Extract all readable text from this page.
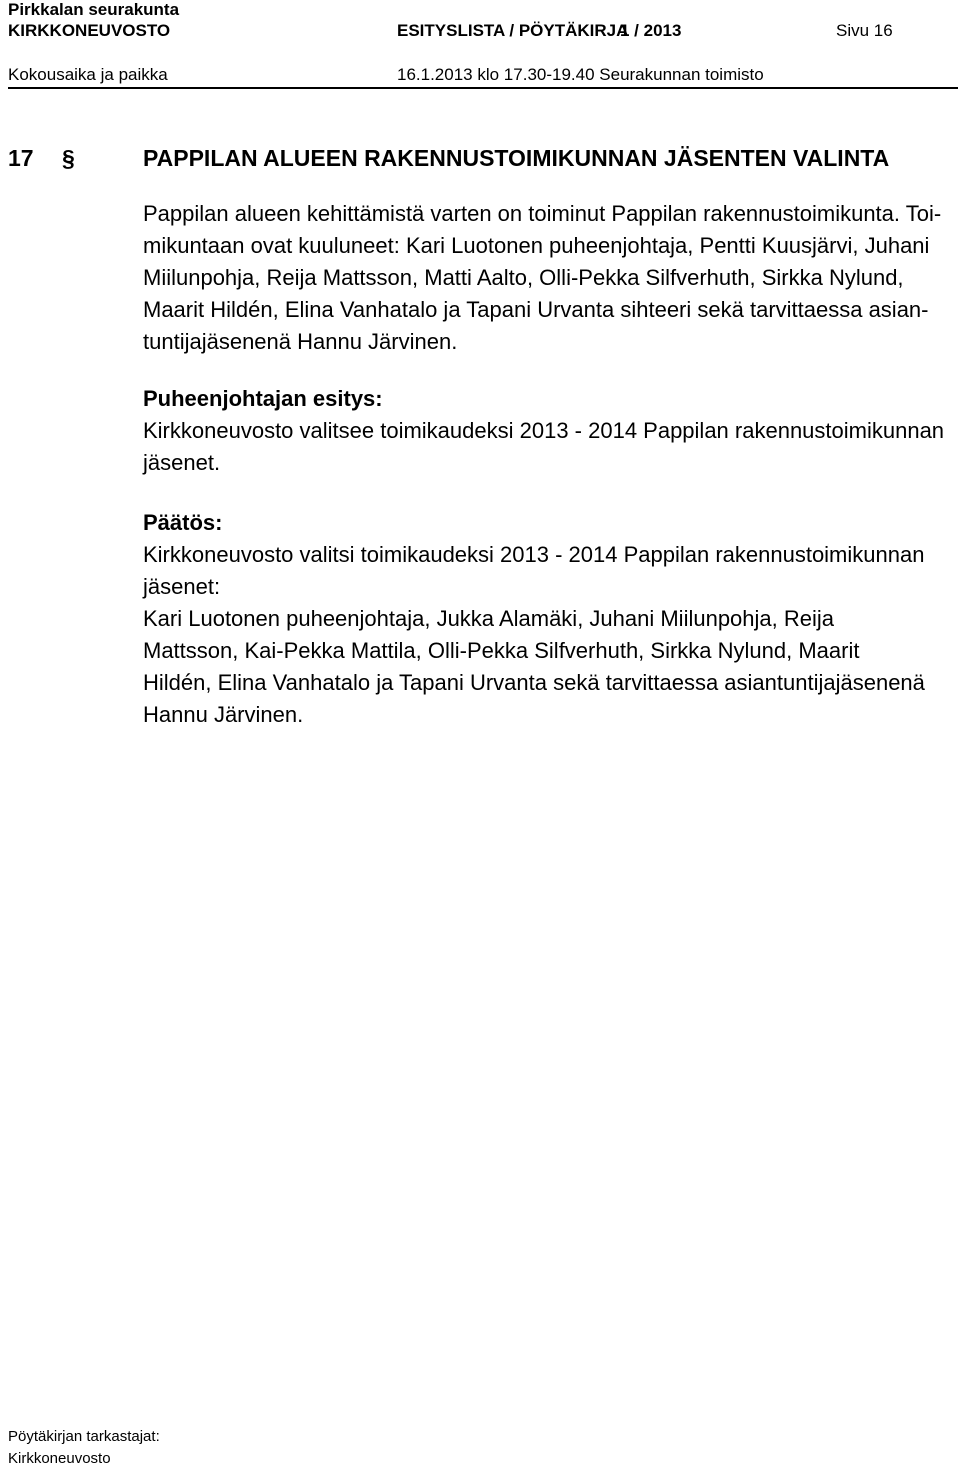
Pirkkalan seurakunta
KIRKKONEUVOSTO	ESITYSLISTA / PÖYTÄKIRJA
1 / 2013	Sivu 16
Kokousaika ja paikka	16.1.2013 klo 17.30-19.40 Seurakunnan toimisto
17 §	PAPPILAN ALUEEN RAKENNUSTOIMIKUNNAN JÄSENTEN VALINTA
Pappilan alueen kehittämistä varten on toiminut Pappilan rakennustoimikunta. Toi-
mikuntaan ovat kuuluneet: Kari Luotonen puheenjohtaja, Pentti Kuusjärvi, Juhani
Miilunpohja, Reija Mattsson, Matti Aalto, Olli-Pekka Silfverhuth, Sirkka Nylund,
Maarit Hildén, Elina Vanhatalo ja Tapani Urvanta sihteeri sekä tarvittaessa asian-
tuntijajäsenenä Hannu Järvinen.
Puheenjohtajan esitys:
Kirkkoneuvosto valitsee toimikaudeksi 2013 - 2014 Pappilan rakennustoimikunnan
jäsenet.
Päätös:
Kirkkoneuvosto valitsi toimikaudeksi 2013 - 2014 Pappilan rakennustoimikunnan
jäsenet:
Kari Luotonen puheenjohtaja, Jukka Alamäki, Juhani Miilunpohja, Reija
Mattsson, Kai-Pekka Mattila, Olli-Pekka Silfverhuth, Sirkka Nylund, Maarit
Hildén, Elina Vanhatalo ja Tapani Urvanta sekä tarvittaessa asiantuntijajäsenenä
Hannu Järvinen.
Pöytäkirjan tarkastajat:
Kirkkoneuvosto
